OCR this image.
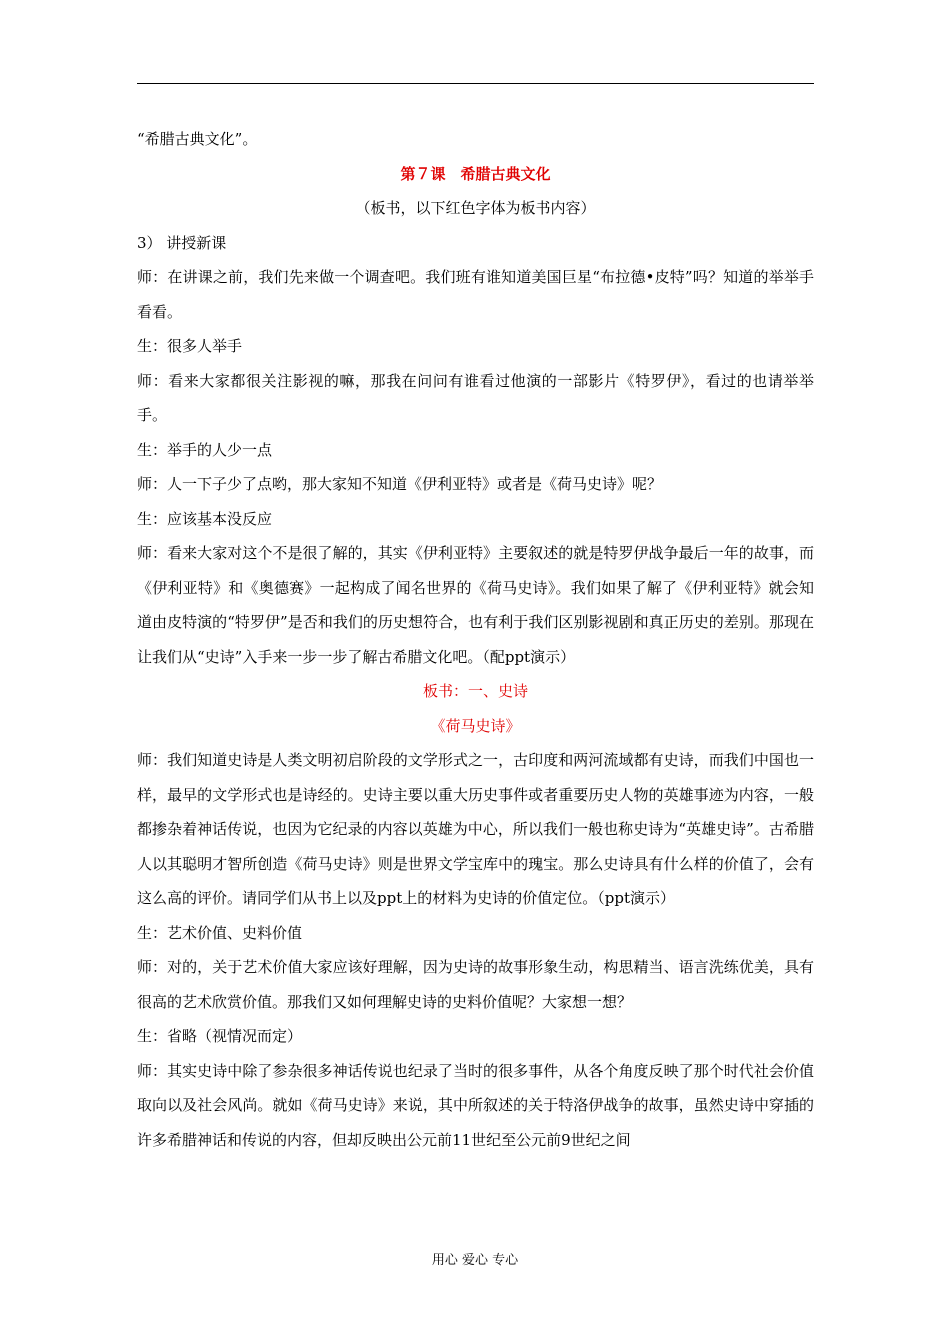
“希腊古典文化”。
第７课　希腊古典文化
（板书，以下红色字体为板书内容）
3） 讲授新课
师：在讲课之前，我们先来做一个调查吧。我们班有谁知道美国巨星“布拉德•皮特”吗？知道的举举手看看。
生：很多人举手
师：看来大家都很关注影视的嘛，那我在问问有谁看过他演的一部影片《特罗伊》，看过的也请举举手。
生：举手的人少一点
师：人一下子少了点哟，那大家知不知道《伊利亚特》或者是《荷马史诗》呢？
生：应该基本没反应
师：看来大家对这个不是很了解的，其实《伊利亚特》主要叙述的就是特罗伊战争最后一年的故事，而《伊利亚特》和《奥德赛》一起构成了闻名世界的《荷马史诗》。我们如果了解了《伊利亚特》就会知道由皮特演的“特罗伊”是否和我们的历史想符合，也有利于我们区别影视剧和真正历史的差别。那现在让我们从“史诗”入手来一步一步了解古希腊文化吧。（配ppt演示）
板书：一、史诗
《荷马史诗》
师：我们知道史诗是人类文明初启阶段的文学形式之一，古印度和两河流域都有史诗，而我们中国也一样，最早的文学形式也是诗经的。史诗主要以重大历史事件或者重要历史人物的英雄事迹为内容，一般都掺杂着神话传说，也因为它纪录的内容以英雄为中心，所以我们一般也称史诗为“英雄史诗”。古希腊人以其聪明才智所创造《荷马史诗》则是世界文学宝库中的瑰宝。那么史诗具有什么样的价值了，会有这么高的评价。请同学们从书上以及ppt上的材料为史诗的价值定位。（ppt演示）
生：艺术价值、史料价值
师：对的，关于艺术价值大家应该好理解，因为史诗的故事形象生动，构思精当、语言洗练优美，具有很高的艺术欣赏价值。那我们又如何理解史诗的史料价值呢？大家想一想？
生：省略（视情况而定）
师：其实史诗中除了参杂很多神话传说也纪录了当时的很多事件，从各个角度反映了那个时代社会价值取向以及社会风尚。就如《荷马史诗》来说，其中所叙述的关于特洛伊战争的故事，虽然史诗中穿插的许多希腊神话和传说的内容，但却反映出公元前11世纪至公元前9世纪之间
用心 爱心 专心
